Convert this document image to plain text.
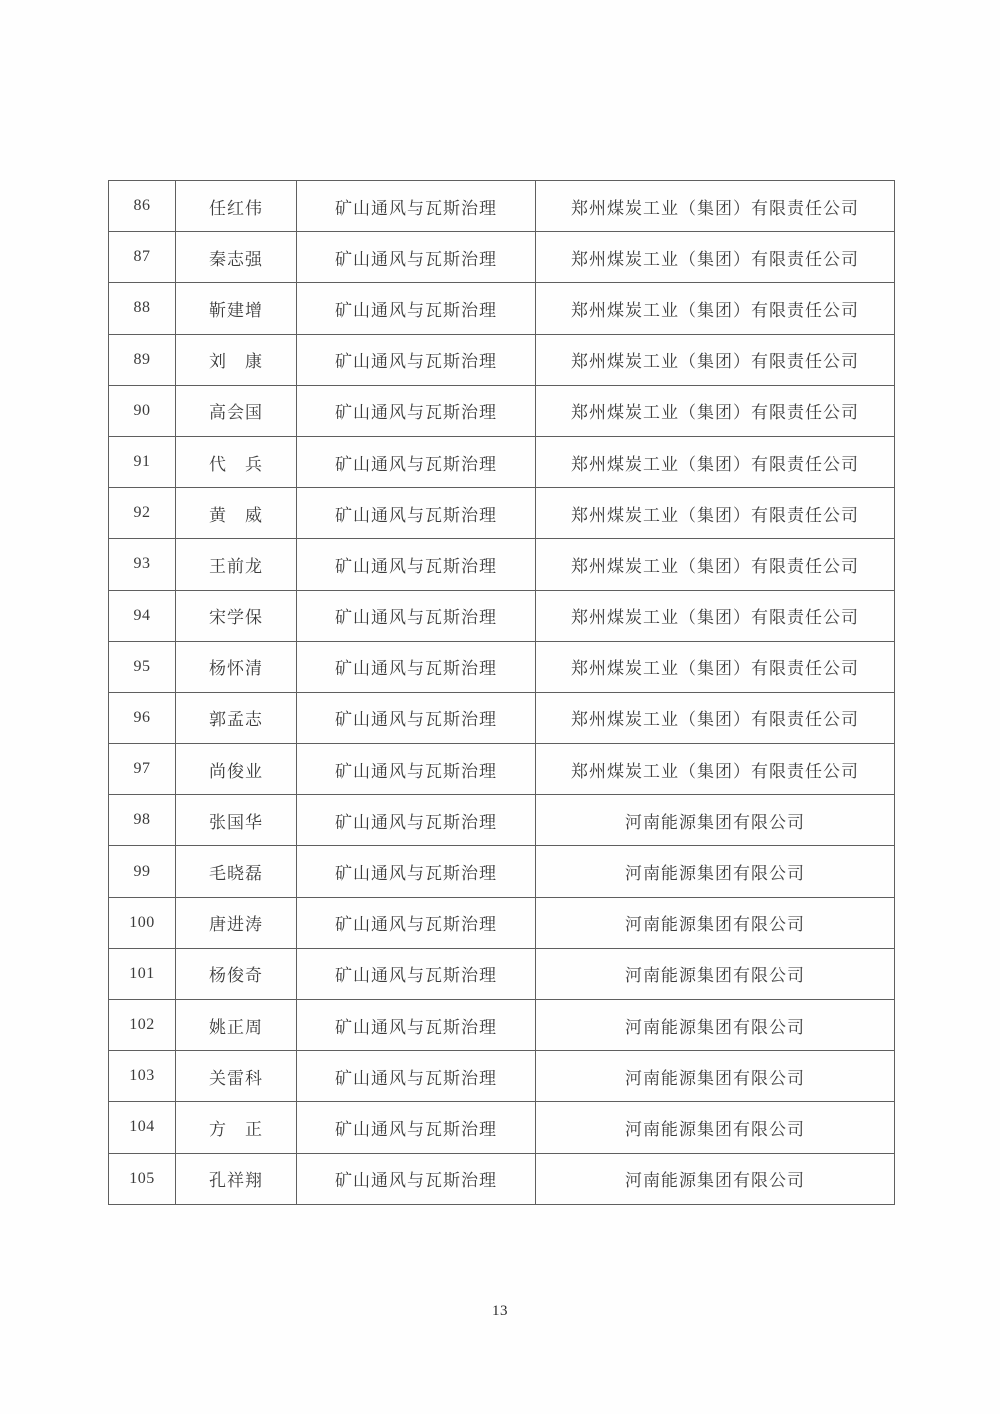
86	任红伟	矿山通风与瓦斯治理	郑州煤炭工业（集团）有限责任公司
87	秦志强	矿山通风与瓦斯治理	郑州煤炭工业（集团）有限责任公司
88	靳建增	矿山通风与瓦斯治理	郑州煤炭工业（集团）有限责任公司
89	刘　康	矿山通风与瓦斯治理	郑州煤炭工业（集团）有限责任公司
90	高会国	矿山通风与瓦斯治理	郑州煤炭工业（集团）有限责任公司
91	代　兵	矿山通风与瓦斯治理	郑州煤炭工业（集团）有限责任公司
92	黄　威	矿山通风与瓦斯治理	郑州煤炭工业（集团）有限责任公司
93	王前龙	矿山通风与瓦斯治理	郑州煤炭工业（集团）有限责任公司
94	宋学保	矿山通风与瓦斯治理	郑州煤炭工业（集团）有限责任公司
95	杨怀清	矿山通风与瓦斯治理	郑州煤炭工业（集团）有限责任公司
96	郭孟志	矿山通风与瓦斯治理	郑州煤炭工业（集团）有限责任公司
97	尚俊业	矿山通风与瓦斯治理	郑州煤炭工业（集团）有限责任公司
98	张国华	矿山通风与瓦斯治理	河南能源集团有限公司
99	毛晓磊	矿山通风与瓦斯治理	河南能源集团有限公司
100	唐进涛	矿山通风与瓦斯治理	河南能源集团有限公司
101	杨俊奇	矿山通风与瓦斯治理	河南能源集团有限公司
102	姚正周	矿山通风与瓦斯治理	河南能源集团有限公司
103	关雷科	矿山通风与瓦斯治理	河南能源集团有限公司
104	方　正	矿山通风与瓦斯治理	河南能源集团有限公司
105	孔祥翔	矿山通风与瓦斯治理	河南能源集团有限公司
13
